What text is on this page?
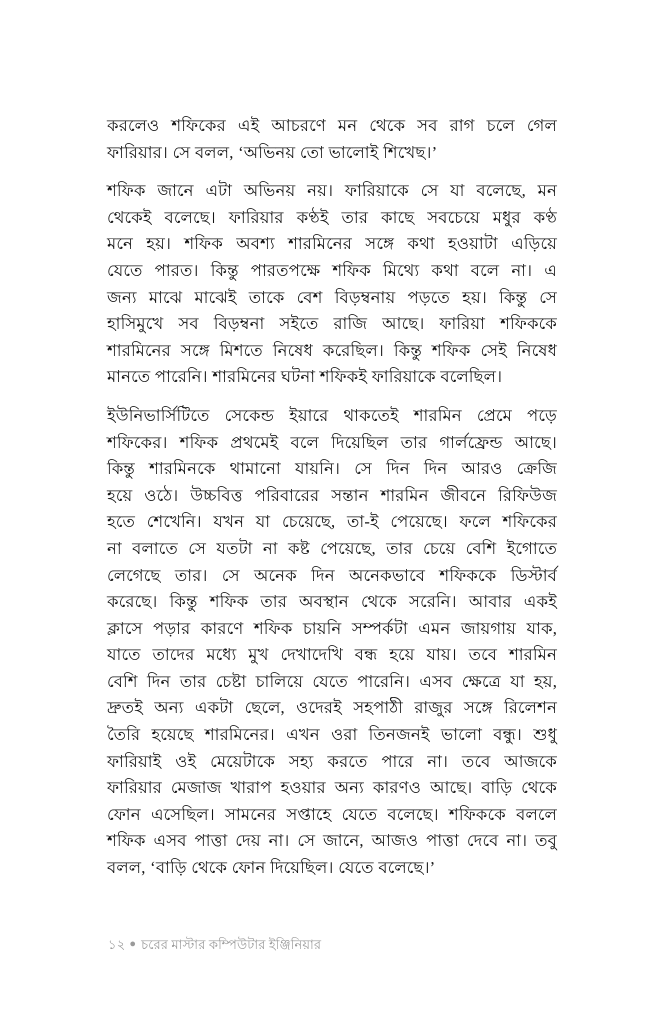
করলেও শফিকের এই আচরণে মন থেকে সব রাগ চলে গেল
ফারিয়ার। সে বলল, ‘অভিনয় তো ভালোই শিখেছ।’
শফিক জানে এটা অভিনয় নয়। ফারিয়াকে সে যা বলেছে, মন
থেকেই বলেছে। ফারিয়ার কণ্ঠই তার কাছে সবচেয়ে মধুর কণ্ঠ
মনে হয়। শফিক অবশ্য শারমিনের সঙ্গে কথা হওয়াটা এড়িয়ে
যেতে পারত। কিন্তু পারতপক্ষে শফিক মিথ্যে কথা বলে না। এ
জন্য মাঝে মাঝেই তাকে বেশ বিড়ম্বনায় পড়তে হয়। কিন্তু সে
হাসিমুখে সব বিড়ম্বনা সইতে রাজি আছে। ফারিয়া শফিককে
শারমিনের সঙ্গে মিশতে নিষেধ করেছিল। কিন্তু শফিক সেই নিষেধ
মানতে পারেনি। শারমিনের ঘটনা শফিকই ফারিয়াকে বলেছিল।
ইউনিভার্সিটিতে সেকেন্ড ইয়ারে থাকতেই শারমিন প্রেমে পড়ে
শফিকের। শফিক প্রথমেই বলে দিয়েছিল তার গার্লফ্রেন্ড আছে।
কিন্তু শারমিনকে থামানো যায়নি। সে দিন দিন আরও ক্রেজি
হয়ে ওঠে। উচ্চবিত্ত পরিবারের সন্তান শারমিন জীবনে রিফিউজ
হতে শেখেনি। যখন যা চেয়েছে, তা-ই পেয়েছে। ফলে শফিকের
না বলাতে সে যতটা না কষ্ট পেয়েছে, তার চেয়ে বেশি ইগোতে
লেগেছে তার। সে অনেক দিন অনেকভাবে শফিককে ডিস্টার্ব
করেছে। কিন্তু শফিক তার অবস্থান থেকে সরেনি। আবার একই
ক্লাসে পড়ার কারণে শফিক চায়নি সম্পর্কটা এমন জায়গায় যাক,
যাতে তাদের মধ্যে মুখ দেখাদেখি বন্ধ হয়ে যায়। তবে শারমিন
বেশি দিন তার চেষ্টা চালিয়ে যেতে পারেনি। এসব ক্ষেত্রে যা হয়,
দ্রুতই অন্য একটা ছেলে, ওদেরই সহপাঠী রাজুর সঙ্গে রিলেশন
তৈরি হয়েছে শারমিনের। এখন ওরা তিনজনই ভালো বন্ধু। শুধু
ফারিয়াই ওই মেয়েটাকে সহ্য করতে পারে না। তবে আজকে
ফারিয়ার মেজাজ খারাপ হওয়ার অন্য কারণও আছে। বাড়ি থেকে
ফোন এসেছিল। সামনের সপ্তাহে যেতে বলেছে। শফিককে বললে
শফিক এসব পাত্তা দেয় না। সে জানে, আজও পাত্তা দেবে না। তবু
বলল, ‘বাড়ি থেকে ফোন দিয়েছিল। যেতে বলেছে।’
১২ ● চরের মাস্টার কম্পিউটার ইঞ্জিনিয়ার
